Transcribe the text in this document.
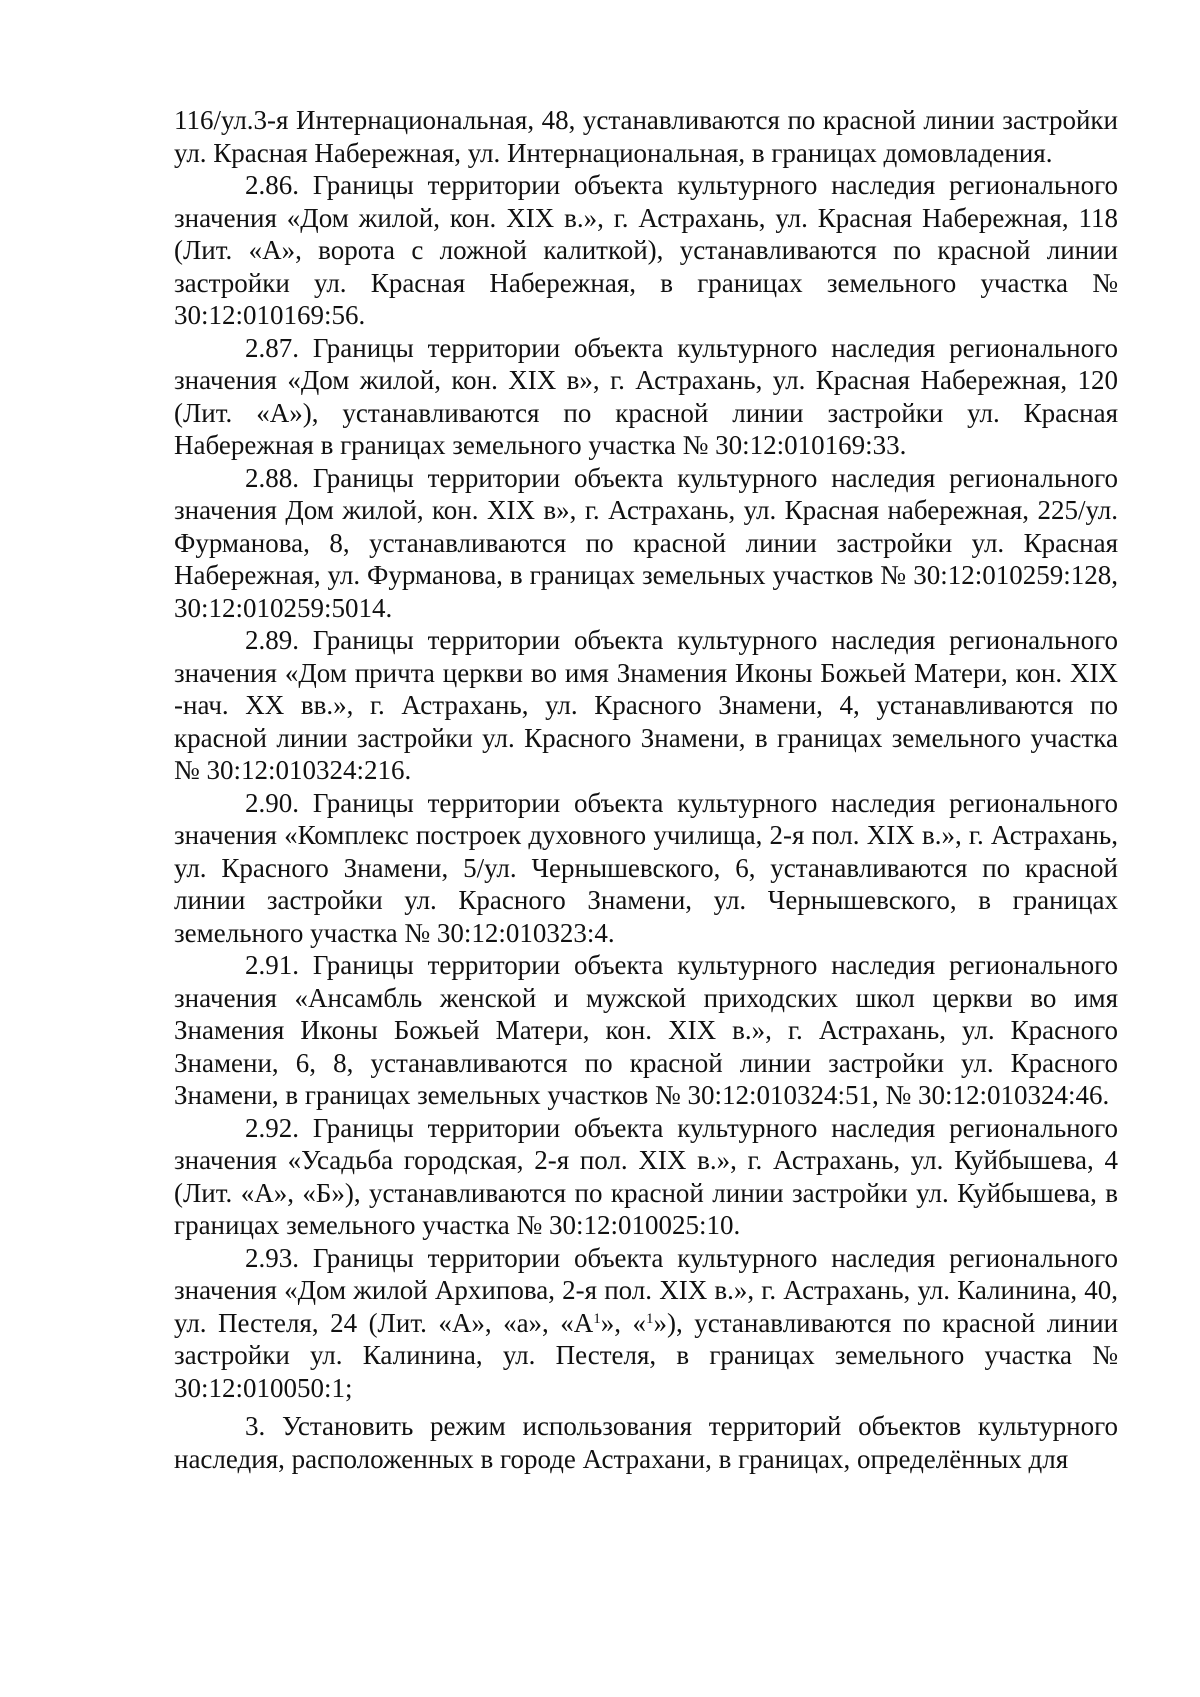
116/ул.3-я Интернациональная, 48, устанавливаются по красной линии застройки ул. Красная Набережная, ул. Интернациональная, в границах домовладения.

2.86. Границы территории объекта культурного наследия регионального значения «Дом жилой, кон. XIX в.», г. Астрахань, ул. Красная Набережная, 118 (Лит. «А», ворота с ложной калиткой), устанавливаются по красной линии застройки ул. Красная Набережная, в границах земельного участка № 30:12:010169:56.

2.87. Границы территории объекта культурного наследия регионального значения «Дом жилой, кон. XIX в», г. Астрахань, ул. Красная Набережная, 120 (Лит. «А»), устанавливаются по красной линии застройки ул. Красная Набережная в границах земельного участка № 30:12:010169:33.

2.88. Границы территории объекта культурного наследия регионального значения Дом жилой, кон. XIX в», г. Астрахань, ул. Красная набережная, 225/ул. Фурманова, 8, устанавливаются по красной линии застройки ул. Красная Набережная, ул. Фурманова, в границах земельных участков № 30:12:010259:128, 30:12:010259:5014.

2.89. Границы территории объекта культурного наследия регионального значения «Дом причта церкви во имя Знамения Иконы Божьей Матери, кон. XIX -нач. XX вв.», г. Астрахань, ул. Красного Знамени, 4, устанавливаются по красной линии застройки ул. Красного Знамени, в границах земельного участка № 30:12:010324:216.

2.90. Границы территории объекта культурного наследия регионального значения «Комплекс построек духовного училища, 2-я пол. XIX в.», г. Астрахань, ул. Красного Знамени, 5/ул. Чернышевского, 6, устанавливаются по красной линии застройки ул. Красного Знамени, ул. Чернышевского, в границах земельного участка № 30:12:010323:4.

2.91. Границы территории объекта культурного наследия регионального значения «Ансамбль женской и мужской приходских школ церкви во имя Знамения Иконы Божьей Матери, кон. XIX в.», г. Астрахань, ул. Красного Знамени, 6, 8, устанавливаются по красной линии застройки ул. Красного Знамени, в границах земельных участков № 30:12:010324:51, № 30:12:010324:46.

2.92. Границы территории объекта культурного наследия регионального значения «Усадьба городская, 2-я пол. XIX в.», г. Астрахань, ул. Куйбышева, 4 (Лит. «А», «Б»), устанавливаются по красной линии застройки ул. Куйбышева, в границах земельного участка № 30:12:010025:10.

2.93. Границы территории объекта культурного наследия регионального значения «Дом жилой Архипова, 2-я пол. XIX в.», г. Астрахань, ул. Калинина, 40, ул. Пестеля, 24 (Лит. «А», «а», «$А^1$», «$^1$»), устанавливаются по красной линии застройки ул. Калинина, ул. Пестеля, в границах земельного участка № 30:12:010050:1;

3. Установить режим использования территорий объектов культурного наследия, расположенных в городе Астрахани, в границах, определённых для
